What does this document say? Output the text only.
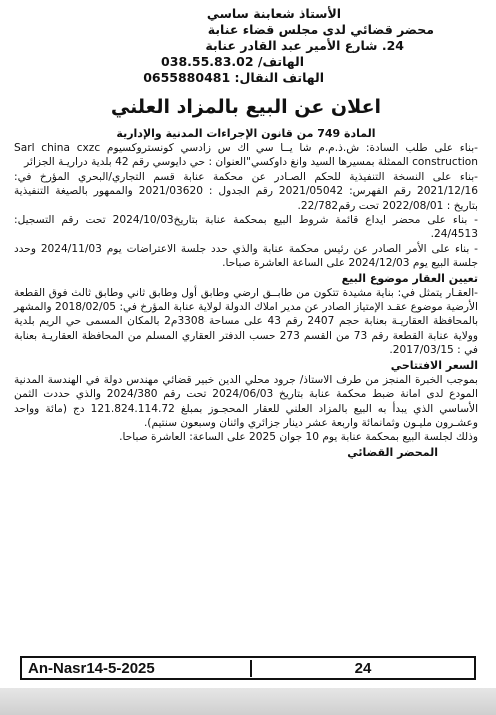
الأستاذ شعابنة ساسي
محضر قضائي لدى مجلس قضاء عنابة
24. شارع الأمير عبد القادر عنابة
الهاتف/ 038.55.83.02
الهاتف النقال: 0655880481
اعلان عن البيع بالمزاد العلني
المادة 749 من قانون الإجراءات المدنية والإدارية

-بناء على طلب السادة: ش.ذ.م.م شا يــا سي اك س زادسي كونستروكسيوم Sarl china cxzc construction الممثلة بمسيرها السيد وانغ داوكسي"العنوان : حي دايوسي رقم 42 بلدية دراريـة الجزائر

-بناء على النسخة التنفيذية للحكم الصـادر عن محكمة عنابة قسم التجاري/البحري المؤرخ في: 2021/12/16 رقم الفهرس: 2021/05042 رقم الجدول : 2021/03620 والممهور بالصيغة التنفيذية بتاريخ : 2022/08/01 تحت رقم22/782.

- بناء على محضر ايداع قائمة شروط البيع بمحكمة عنابة بتاريخ2024/10/03 تحت رقم التسجيل: 24/4513.

- بناء على الأمر الصادر عن رئيس محكمة عنابة والذي حدد جلسة الاعتراضات يوم 2024/11/03 وحدد جلسة البيع يوم 2024/12/03 على الساعة العاشرة صباحا.

تعيين العقار موضوع البيع

-العقـار يتمثل في: بناية مشيدة تتكون من طابــق ارضي وطابق أول وطابق ثاني وطابق ثالث فوق القطعة الأرضية موضوع عقـد الإمتياز الصادر عن مدير املاك الدولة لولاية عنابة المؤرخ في: 2018/02/05 والمشهر بالمحافظة العقاريـة بعنابة حجم 2407 رقم 43 على مساحة 3308م2 بالمكان المسمى حي الريم بلدية وولاية عنابة القطعة رقم 73 من القسم 273 حسب الدفتر العقاري المسلم من المحافظة العقاريـة بعنابة في : 2017/03/15.

السعر الافتتاحي

بموجب الخبرة المنجز من طرف الاستاذ/ جرود محلي الدين خبير قضائي مهندس دولة في الهندسة المدنية المودع لدى امانة ضبط محكمة عنابة بتاريخ 2024/06/03 تحت رقم 2024/380 والذي حددت الثمن الأساسي الذي يبدأ به البيع بالمزاد العلني للعقار المحجـوز بمبلغ 121.824.114.72 دج (مائة وواحد وعشـرون مليـون وثمانمائة واربعة عشر دينار جزائري واثنان وسبعون سنتيم).

وذلك لجلسة البيع بمحكمة عنابة يوم 10 جوان 2025 على الساعة: العاشرة صباحا.

المحضر القضائي
An-Nasr14-5-2025	24
